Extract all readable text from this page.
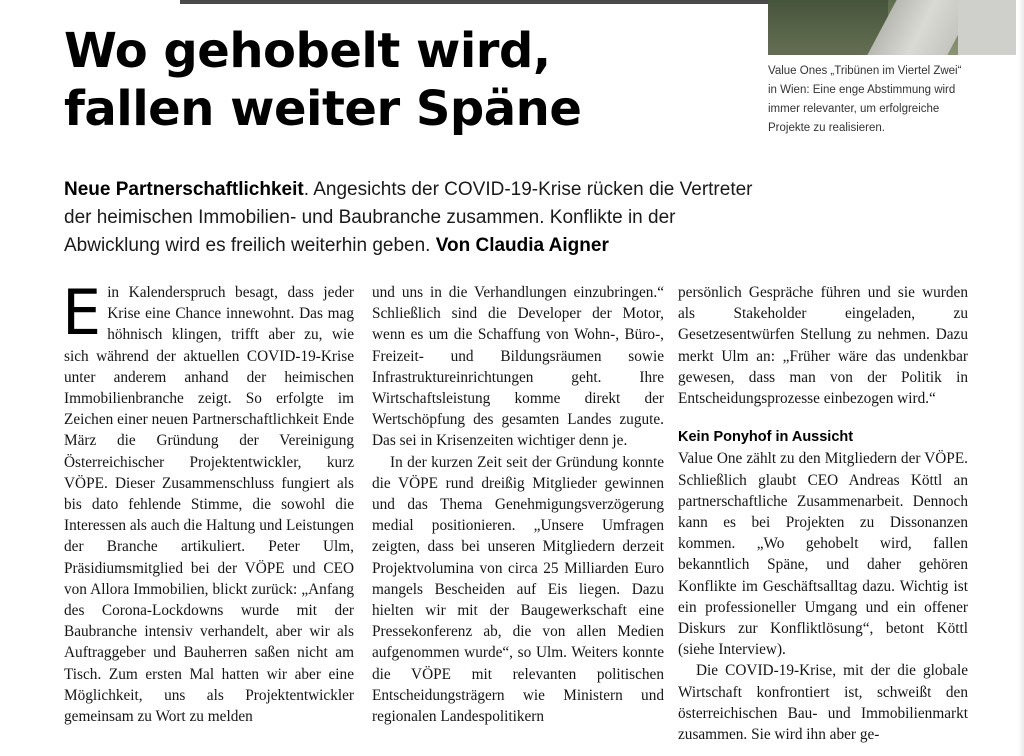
Value Ones „Tribünen im Viertel Zwei“
in Wien: Eine enge Abstimmung wird
immer relevanter, um erfolgreiche
Projekte zu realisieren.
Wo gehobelt wird,
fallen weiter Späne

Neue Partnerschaftlichkeit. Angesichts der COVID-19-Krise rücken die Vertreter der heimischen Immobilien- und Baubranche zusammen. Konflikte in der Abwicklung wird es freilich weiterhin geben. Von Claudia Aigner

Ein Kalenderspruch besagt, dass jeder Krise eine Chance innewohnt. Das mag höhnisch klingen, trifft aber zu, wie sich während der aktuellen COVID-19-Krise unter anderem anhand der heimischen Immobilienbranche zeigt. So erfolgte im Zeichen einer neuen Partnerschaftlichkeit Ende März die Gründung der Vereinigung Österreichischer Projektentwickler, kurz VÖPE. Dieser Zusammenschluss fungiert als bis dato fehlende Stimme, die sowohl die Interessen als auch die Haltung und Leistungen der Branche artikuliert. Peter Ulm, Präsidiumsmitglied bei der VÖPE und CEO von Allora Immobilien, blickt zurück: „Anfang des Corona-Lockdowns wurde mit der Baubranche intensiv verhandelt, aber wir als Auftraggeber und Bauherren saßen nicht am Tisch. Zum ersten Mal hatten wir aber eine Möglichkeit, uns als Projektentwickler gemeinsam zu Wort zu melden

und uns in die Verhandlungen einzubringen.“ Schließlich sind die Developer der Motor, wenn es um die Schaffung von Wohn-, Büro-, Freizeit- und Bildungsräumen sowie Infrastruktureinrichtungen geht. Ihre Wirtschaftsleistung komme direkt der Wertschöpfung des gesamten Landes zugute. Das sei in Krisenzeiten wichtiger denn je.

In der kurzen Zeit seit der Gründung konnte die VÖPE rund dreißig Mitglieder gewinnen und das Thema Genehmigungsverzögerung medial positionieren. „Unsere Umfragen zeigten, dass bei unseren Mitgliedern derzeit Projektvolumina von circa 25 Milliarden Euro mangels Bescheiden auf Eis liegen. Dazu hielten wir mit der Baugewerkschaft eine Pressekonferenz ab, die von allen Medien aufgenommen wurde“, so Ulm. Weiters konnte die VÖPE mit relevanten politischen Entscheidungsträgern wie Ministern und regionalen Landespolitikern

persönlich Gespräche führen und sie wurden als Stakeholder eingeladen, zu Gesetzesentwürfen Stellung zu nehmen. Dazu merkt Ulm an: „Früher wäre das undenkbar gewesen, dass man von der Politik in Entscheidungsprozesse einbezogen wird.“

Kein Ponyhof in Aussicht

Value One zählt zu den Mitgliedern der VÖPE. Schließlich glaubt CEO Andreas Köttl an partnerschaftliche Zusammenarbeit. Dennoch kann es bei Projekten zu Dissonanzen kommen. „Wo gehobelt wird, fallen bekanntlich Späne, und daher gehören Konflikte im Geschäftsalltag dazu. Wichtig ist ein professioneller Umgang und ein offener Diskurs zur Konfliktlösung“, betont Köttl (siehe Interview).

Die COVID-19-Krise, mit der die globale Wirtschaft konfrontiert ist, schweißt den österreichischen Bau- und Immobilienmarkt zusammen. Sie wird ihn aber ge-
